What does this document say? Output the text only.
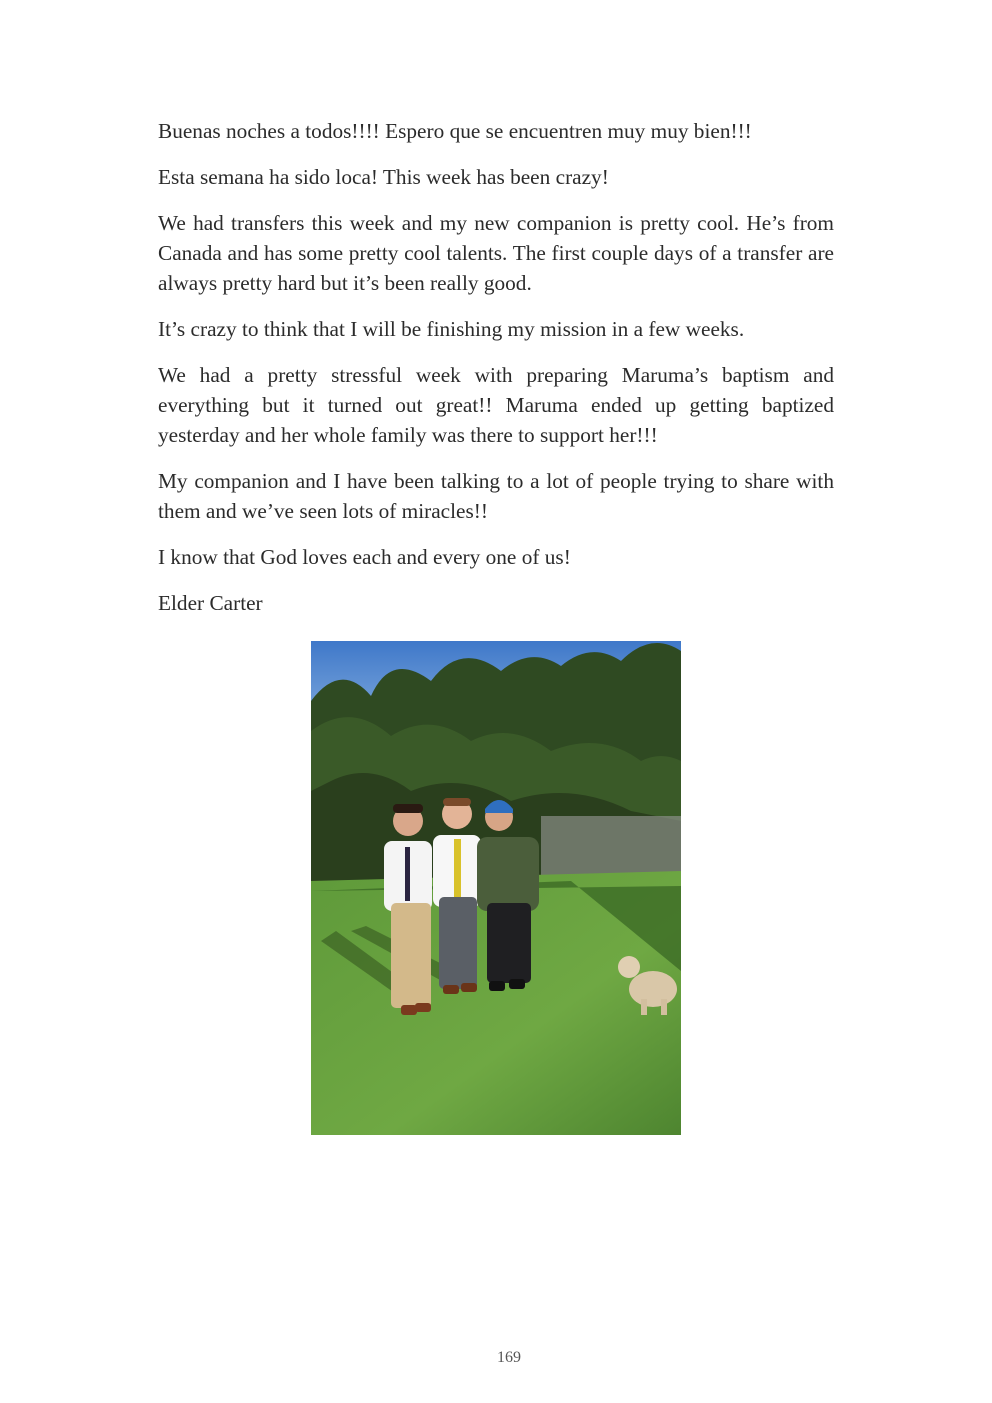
Buenas noches a todos!!!! Espero que se encuentren muy muy bien!!!

Esta semana ha sido loca! This week has been crazy!

We had transfers this week and my new companion is pretty cool. He’s from Canada and has some pretty cool talents. The first couple days of a transfer are always pretty hard but it’s been really good.

It’s crazy to think that I will be finishing my mission in a few weeks.

We had a pretty stressful week with preparing Maruma’s baptism and everything but it turned out great!! Maruma ended up getting baptized yesterday and her whole family was there to support her!!!

My companion and I have been talking to a lot of people trying to share with them and we’ve seen lots of miracles!!

I know that God loves each and every one of us!

Elder Carter

169
